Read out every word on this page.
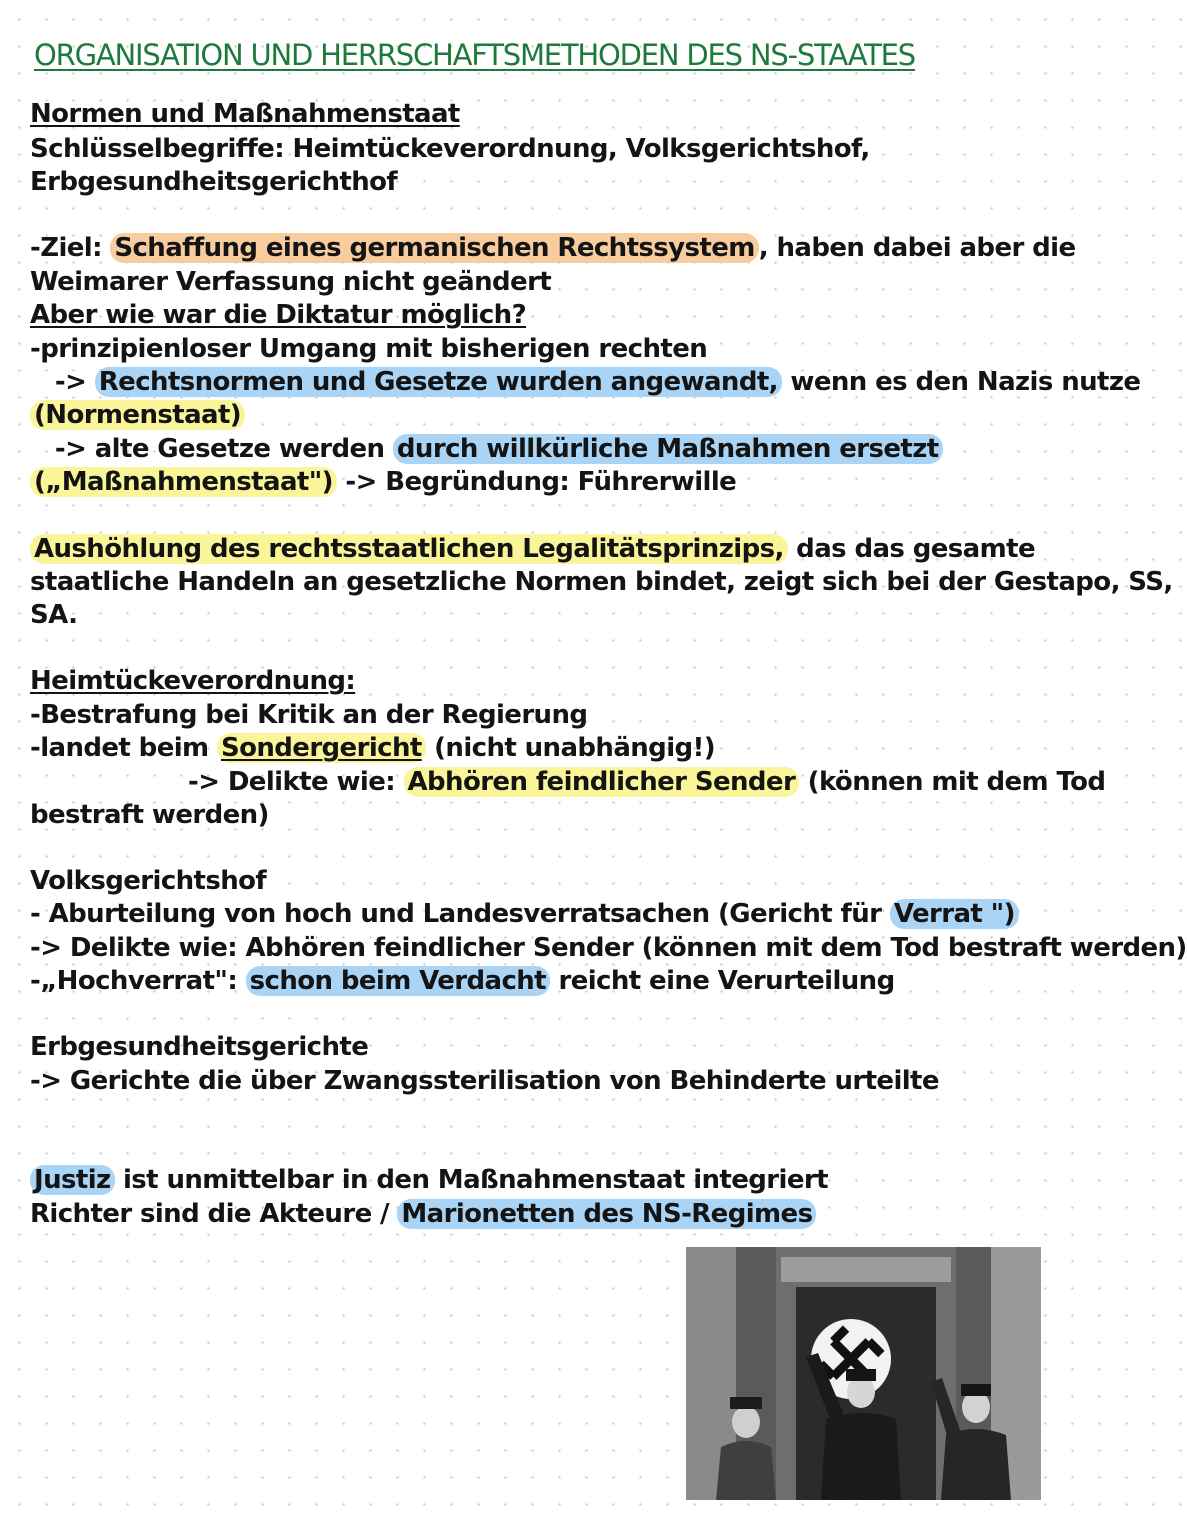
ORGANISATION UND HERRSCHAFTSMETHODEN DES NS-STAATES
Normen und Maßnahmenstaat
Schlüsselbegriffe: Heimtückeverordnung, Volksgerichtshof,
Erbgesundheitsgerichthof
-Ziel: Schaffung eines germanischen Rechtssystem , haben dabei aber die
Weimarer Verfassung nicht geändert
Aber wie war die Diktatur möglich?
-prinzipienloser Umgang mit bisherigen rechten
-> Rechtsnormen und Gesetze wurden angewandt, wenn es den Nazis nutze
(Normenstaat)
-> alte Gesetze werden durch willkürliche Maßnahmen ersetzt
(„Maßnahmenstaat") -> Begründung: Führerwille
Aushöhlung des rechtsstaatlichen Legalitätsprinzips, das das gesamte
staatliche Handeln an gesetzliche Normen bindet, zeigt sich bei der Gestapo, SS,
SA.
Heimtückeverordnung:
-Bestrafung bei Kritik an der Regierung
-landet beim Sondergericht (nicht unabhängig!)
-> Delikte wie: Abhören feindlicher Sender (können mit dem Tod
bestraft werden)
Volksgerichtshof
- Aburteilung von hoch und Landesverratsachen (Gericht für Verrat ")
-> Delikte wie: Abhören feindlicher Sender (können mit dem Tod bestraft werden)
-„Hochverrat": schon beim Verdacht reicht eine Verurteilung
Erbgesundheitsgerichte
-> Gerichte die über Zwangssterilisation von Behinderte urteilte
Justiz ist unmittelbar in den Maßnahmenstaat integriert
Richter sind die Akteure / Marionetten des NS-Regimes
